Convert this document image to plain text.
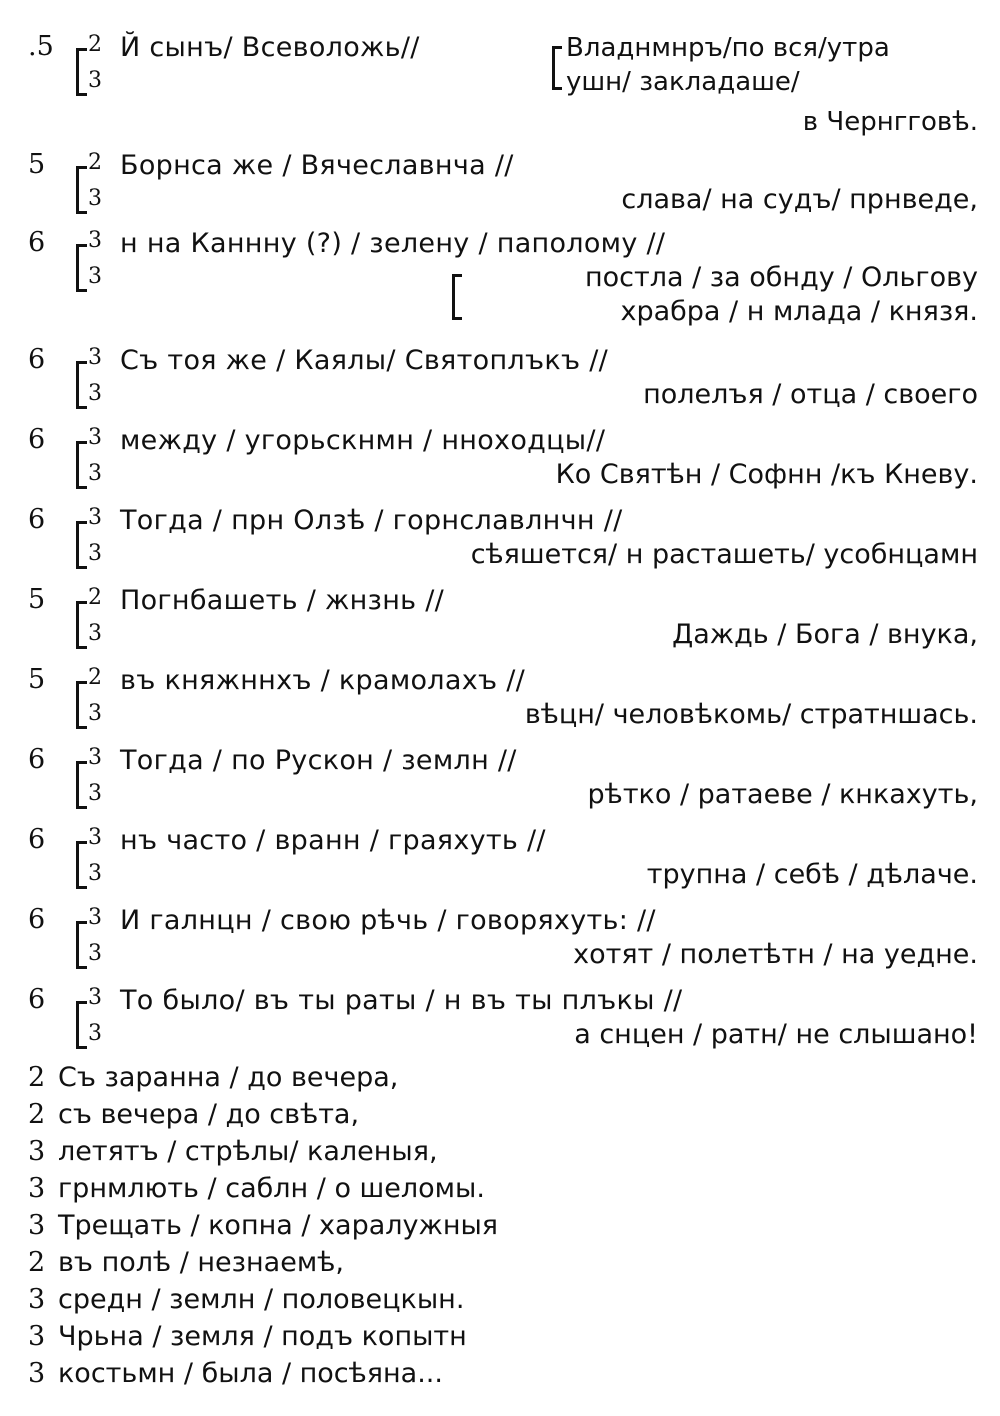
.5 2
3
Й сынъ/ Всеволожь//	Владнмнръ/по вся/утра
ушн/ закладаше/
в Чернгговѣ.
5 2
3
Борнса же / Вячеславнча //
слава/ на судъ/ прнведе,
6 3
3
н на Каннну (?) / зелену / паполому //
постла / за обнду / Ольгову
храбра / н млада / князя.
6 3
3
Съ тоя же / Каялы/ Святоплъкъ //
полелъя / отца / своего
6 3
3
между / угорьскнмн / нноходцы//
Ко Святѣн / Софнн /къ Кневу.
6 3
3
Тогда / прн Олзѣ / горнславлнчн //
сѣяшется/ н расташеть/ усобнцамн
5 2
3
Погнбашеть / жнзнь //
Даждь / Бога / внука,
5 2
3
въ княжннхъ / крамолахъ //
вѣцн/ человѣкомь/ стратншась.
6 3
3
Тогда / по Рускон / землн //
рѣтко / ратаеве / кнкахуть,
6 3
3
нъ часто / вранн / граяхуть //
трупна / себѣ / дѣлаче.
6 3
3
И галнцн / свою рѣчь / говоряхуть: //
хотят / полетѣтн / на уедне.
6 3
3
То было/ въ ты раты / н въ ты плъкы //
а снцен / ратн/ не слышано!
2 Съ заранна / до вечера,
2 съ вечера / до свѣта,
3 летятъ / стрѣлы/ каленыя,
3 грнмлють / саблн / о шеломы.
3 Трещать / копна / харалужныя
2 въ полѣ / незнаемѣ,
3 средн / землн / половецкын.
3 Чрьна / земля / подъ копытн
3 костьмн / была / посѣяна...
